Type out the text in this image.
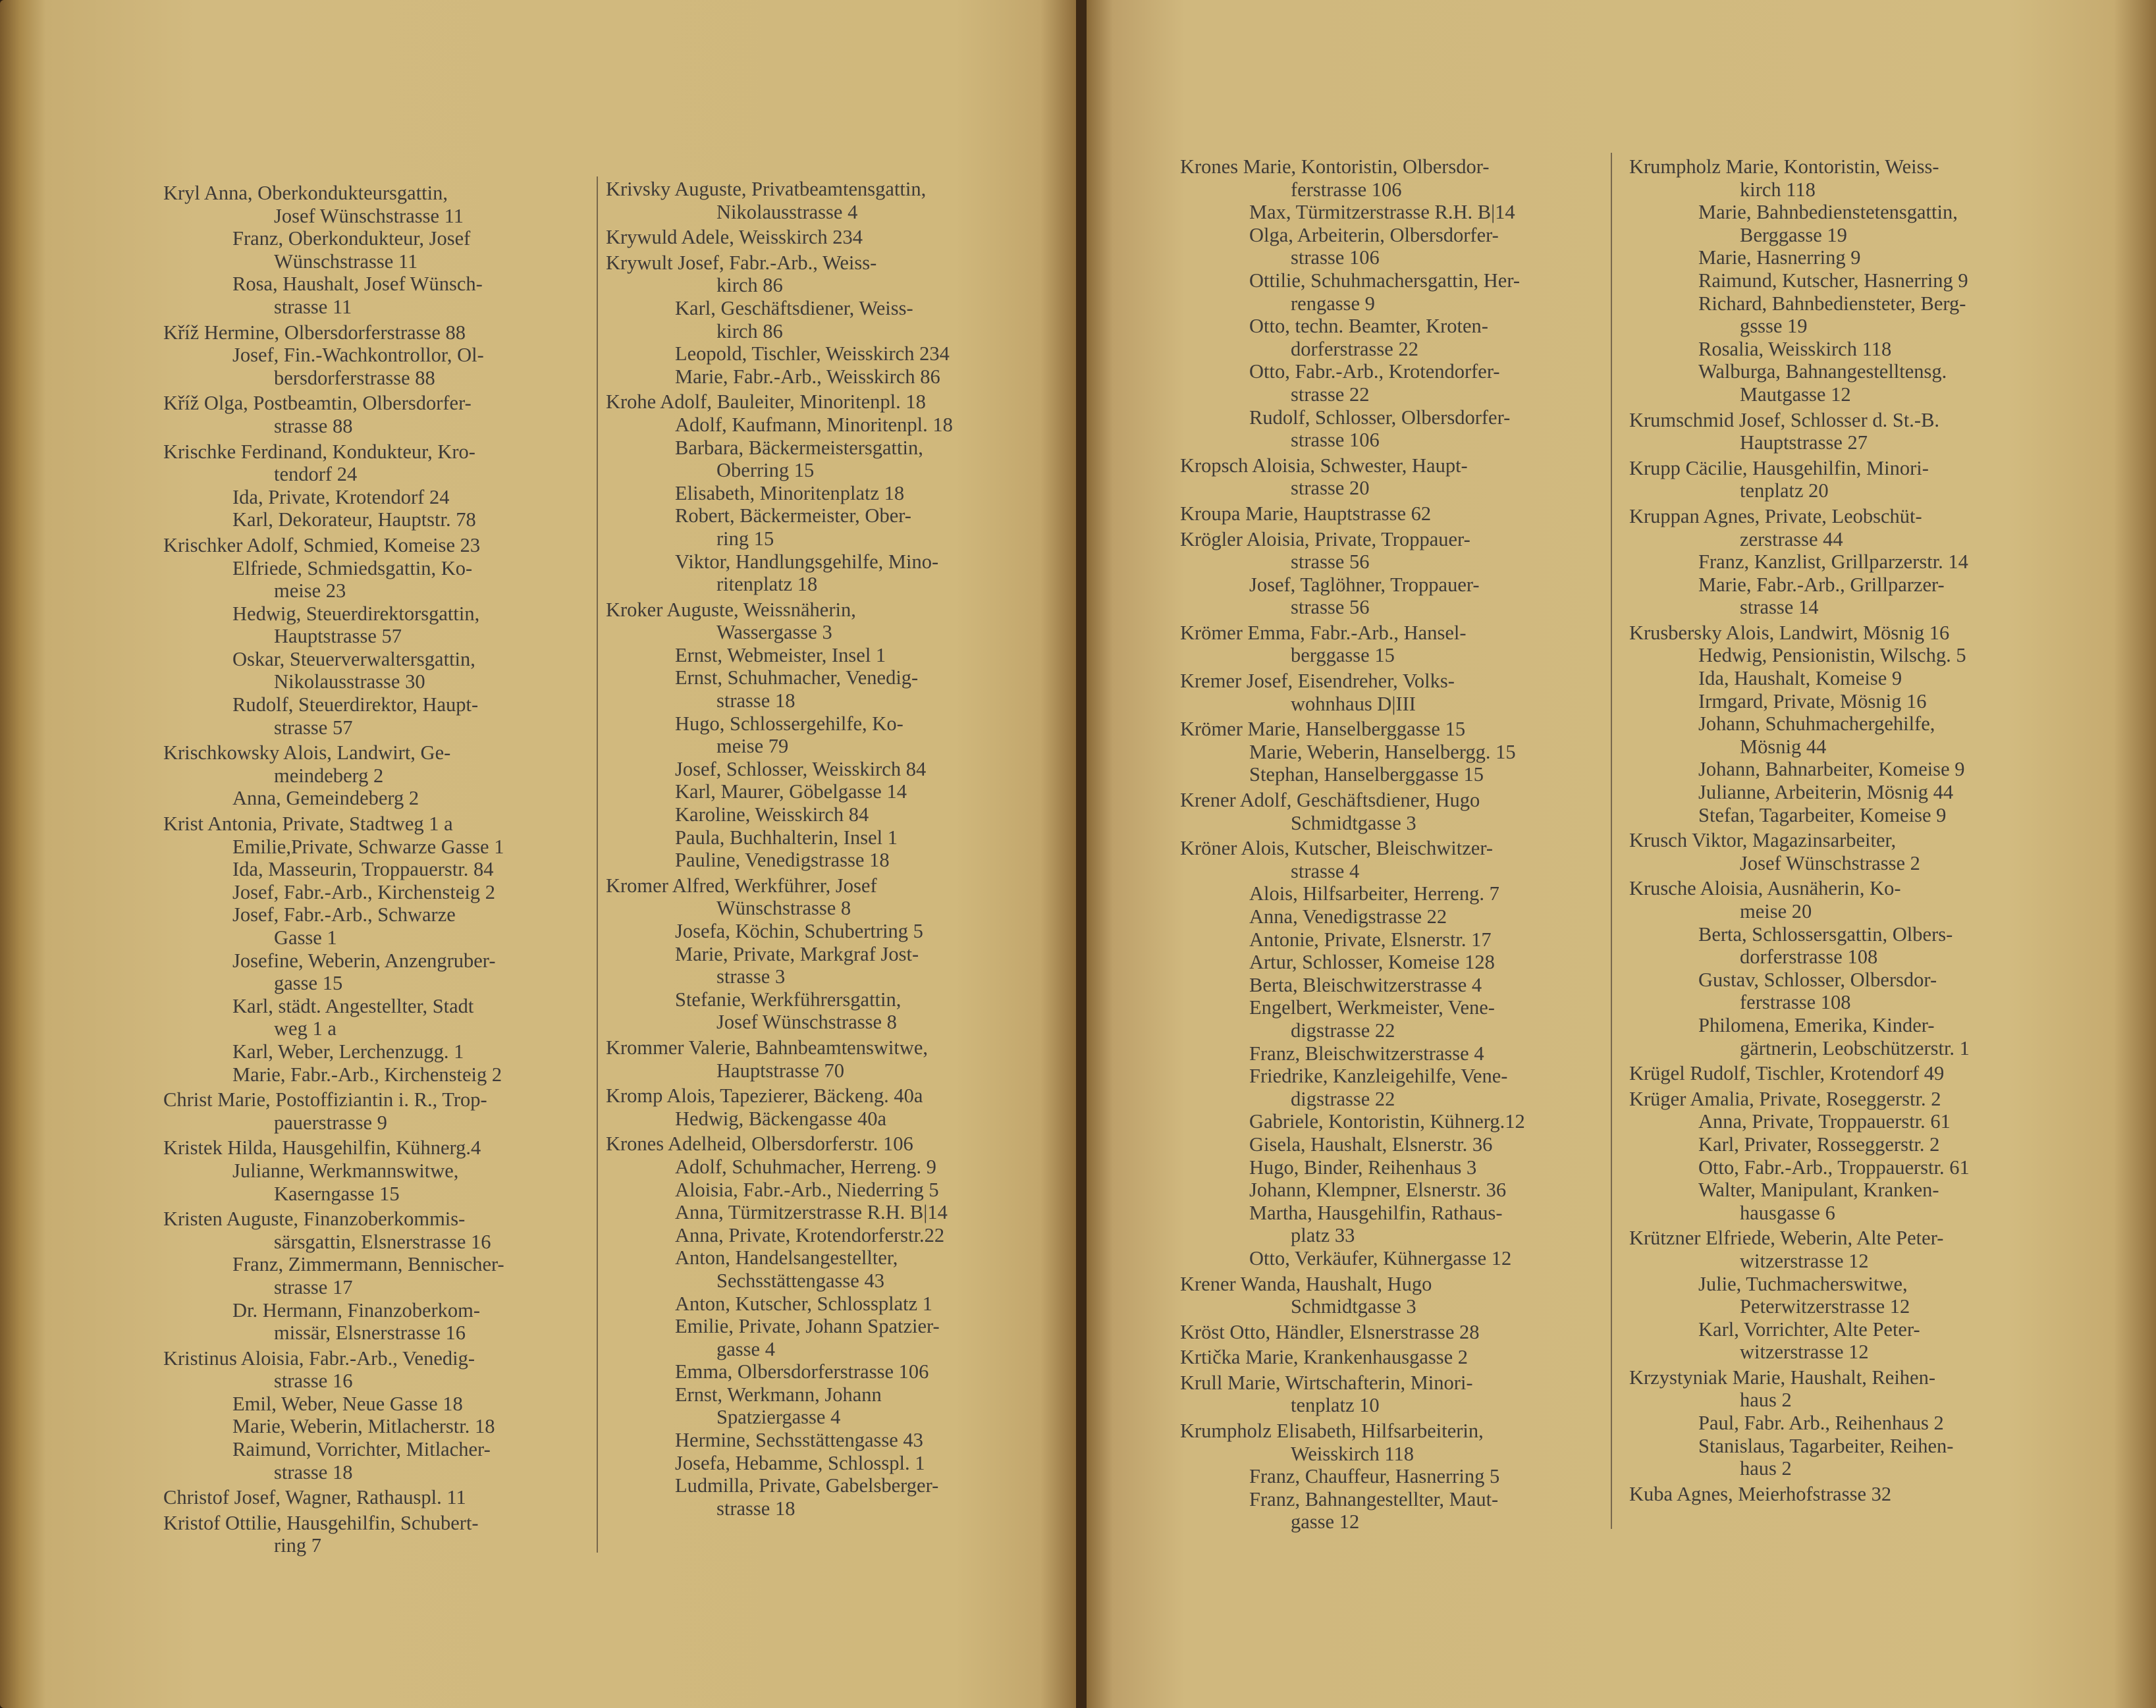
Kryl Anna, Oberkondukteursgattin,
Josef Wünschstrasse 11
Franz, Oberkondukteur, Josef
Wünschstrasse 11
Rosa, Haushalt, Josef Wünsch-
strasse 11
Kříž Hermine, Olbersdorferstrasse 88
Josef, Fin.-Wachkontrollor, Ol-
bersdorferstrasse 88
Kříž Olga, Postbeamtin, Olbersdorfer-
strasse 88
Krischke Ferdinand, Kondukteur, Kro-
tendorf 24
Ida, Private, Krotendorf 24
Karl, Dekorateur, Hauptstr. 78
Krischker Adolf, Schmied, Komeise 23
Elfriede, Schmiedsgattin, Ko-
meise 23
Hedwig, Steuerdirektorsgattin,
Hauptstrasse 57
Oskar, Steuerverwaltersgattin,
Nikolausstrasse 30
Rudolf, Steuerdirektor, Haupt-
strasse 57
Krischkowsky Alois, Landwirt, Ge-
meindeberg 2
Anna, Gemeindeberg 2
Krist Antonia, Private, Stadtweg 1 a
Emilie,Private, Schwarze Gasse 1
Ida, Masseurin, Troppauerstr. 84
Josef, Fabr.-Arb., Kirchensteig 2
Josef, Fabr.-Arb., Schwarze
Gasse 1
Josefine, Weberin, Anzengruber-
gasse 15
Karl, städt. Angestellter, Stadt
weg 1 a
Karl, Weber, Lerchenzugg. 1
Marie, Fabr.-Arb., Kirchensteig 2
Christ Marie, Postoffiziantin i. R., Trop-
pauerstrasse 9
Kristek Hilda, Hausgehilfin, Kühnerg.4
Julianne, Werkmannswitwe,
Kaserngasse 15
Kristen Auguste, Finanzoberkommis-
särsgattin, Elsnerstrasse 16
Franz, Zimmermann, Bennischer-
strasse 17
Dr. Hermann, Finanzoberkom-
missär, Elsnerstrasse 16
Kristinus Aloisia, Fabr.-Arb., Venedig-
strasse 16
Emil, Weber, Neue Gasse 18
Marie, Weberin, Mitlacherstr. 18
Raimund, Vorrichter, Mitlacher-
strasse 18
Christof Josef, Wagner, Rathauspl. 11
Kristof Ottilie, Hausgehilfin, Schubert-
ring 7
Krivsky Auguste, Privatbeamtensgattin,
Nikolausstrasse 4
Krywuld Adele, Weisskirch 234
Krywult Josef, Fabr.-Arb., Weiss-
kirch 86
Karl, Geschäftsdiener, Weiss-
kirch 86
Leopold, Tischler, Weisskirch 234
Marie, Fabr.-Arb., Weisskirch 86
Krohe Adolf, Bauleiter, Minoritenpl. 18
Adolf, Kaufmann, Minoritenpl. 18
Barbara, Bäckermeistersgattin,
Oberring 15
Elisabeth, Minoritenplatz 18
Robert, Bäckermeister, Ober-
ring 15
Viktor, Handlungsgehilfe, Mino-
ritenplatz 18
Kroker Auguste, Weissnäherin,
Wassergasse 3
Ernst, Webmeister, Insel 1
Ernst, Schuhmacher, Venedig-
strasse 18
Hugo, Schlossergehilfe, Ko-
meise 79
Josef, Schlosser, Weisskirch 84
Karl, Maurer, Göbelgasse 14
Karoline, Weisskirch 84
Paula, Buchhalterin, Insel 1
Pauline, Venedigstrasse 18
Kromer Alfred, Werkführer, Josef
Wünschstrasse 8
Josefa, Köchin, Schubertring 5
Marie, Private, Markgraf Jost-
strasse 3
Stefanie, Werkführersgattin,
Josef Wünschstrasse 8
Krommer Valerie, Bahnbeamtenswitwe,
Hauptstrasse 70
Kromp Alois, Tapezierer, Bäckeng. 40a
Hedwig, Bäckengasse 40a
Krones Adelheid, Olbersdorferstr. 106
Adolf, Schuhmacher, Herreng. 9
Aloisia, Fabr.-Arb., Niederring 5
Anna, Türmitzerstrasse R.H. B|14
Anna, Private, Krotendorferstr.22
Anton, Handelsangestellter,
Sechsstättengasse 43
Anton, Kutscher, Schlossplatz 1
Emilie, Private, Johann Spatzier-
gasse 4
Emma, Olbersdorferstrasse 106
Ernst, Werkmann, Johann
Spatziergasse 4
Hermine, Sechsstättengasse 43
Josefa, Hebamme, Schlosspl. 1
Ludmilla, Private, Gabelsberger-
strasse 18
Krones Marie, Kontoristin, Olbersdor-
ferstrasse 106
Max, Türmitzerstrasse R.H. B|14
Olga, Arbeiterin, Olbersdorfer-
strasse 106
Ottilie, Schuhmachersgattin, Her-
rengasse 9
Otto, techn. Beamter, Kroten-
dorferstrasse 22
Otto, Fabr.-Arb., Krotendorfer-
strasse 22
Rudolf, Schlosser, Olbersdorfer-
strasse 106
Kropsch Aloisia, Schwester, Haupt-
strasse 20
Kroupa Marie, Hauptstrasse 62
Krögler Aloisia, Private, Troppauer-
strasse 56
Josef, Taglöhner, Troppauer-
strasse 56
Krömer Emma, Fabr.-Arb., Hansel-
berggasse 15
Kremer Josef, Eisendreher, Volks-
wohnhaus D|III
Krömer Marie, Hanselberggasse 15
Marie, Weberin, Hanselbergg. 15
Stephan, Hanselberggasse 15
Krener Adolf, Geschäftsdiener, Hugo
Schmidtgasse 3
Kröner Alois, Kutscher, Bleischwitzer-
strasse 4
Alois, Hilfsarbeiter, Herreng. 7
Anna, Venedigstrasse 22
Antonie, Private, Elsnerstr. 17
Artur, Schlosser, Komeise 128
Berta, Bleischwitzerstrasse 4
Engelbert, Werkmeister, Vene-
digstrasse 22
Franz, Bleischwitzerstrasse 4
Friedrike, Kanzleigehilfe, Vene-
digstrasse 22
Gabriele, Kontoristin, Kühnerg.12
Gisela, Haushalt, Elsnerstr. 36
Hugo, Binder, Reihenhaus 3
Johann, Klempner, Elsnerstr. 36
Martha, Hausgehilfin, Rathaus-
platz 33
Otto, Verkäufer, Kühnergasse 12
Krener Wanda, Haushalt, Hugo
Schmidtgasse 3
Kröst Otto, Händler, Elsnerstrasse 28
Krtička Marie, Krankenhausgasse 2
Krull Marie, Wirtschafterin, Minori-
tenplatz 10
Krumpholz Elisabeth, Hilfsarbeiterin,
Weisskirch 118
Franz, Chauffeur, Hasnerring 5
Franz, Bahnangestellter, Maut-
gasse 12
Krumpholz Marie, Kontoristin, Weiss-
kirch 118
Marie, Bahnbedienstetensgattin,
Berggasse 19
Marie, Hasnerring 9
Raimund, Kutscher, Hasnerring 9
Richard, Bahnbediensteter, Berg-
gssse 19
Rosalia, Weisskirch 118
Walburga, Bahnangestelltensg.
Mautgasse 12
Krumschmid Josef, Schlosser d. St.-B.
Hauptstrasse 27
Krupp Cäcilie, Hausgehilfin, Minori-
tenplatz 20
Kruppan Agnes, Private, Leobschüt-
zerstrasse 44
Franz, Kanzlist, Grillparzerstr. 14
Marie, Fabr.-Arb., Grillparzer-
strasse 14
Krusbersky Alois, Landwirt, Mösnig 16
Hedwig, Pensionistin, Wilschg. 5
Ida, Haushalt, Komeise 9
Irmgard, Private, Mösnig 16
Johann, Schuhmachergehilfe,
Mösnig 44
Johann, Bahnarbeiter, Komeise 9
Julianne, Arbeiterin, Mösnig 44
Stefan, Tagarbeiter, Komeise 9
Krusch Viktor, Magazinsarbeiter,
Josef Wünschstrasse 2
Krusche Aloisia, Ausnäherin, Ko-
meise 20
Berta, Schlossersgattin, Olbers-
dorferstrasse 108
Gustav, Schlosser, Olbersdor-
ferstrasse 108
Philomena, Emerika, Kinder-
gärtnerin, Leobschützerstr. 1
Krügel Rudolf, Tischler, Krotendorf 49
Krüger Amalia, Private, Roseggerstr. 2
Anna, Private, Troppauerstr. 61
Karl, Privater, Rosseggerstr. 2
Otto, Fabr.-Arb., Troppauerstr. 61
Walter, Manipulant, Kranken-
hausgasse 6
Krützner Elfriede, Weberin, Alte Peter-
witzerstrasse 12
Julie, Tuchmacherswitwe,
Peterwitzerstrasse 12
Karl, Vorrichter, Alte Peter-
witzerstrasse 12
Krzystyniak Marie, Haushalt, Reihen-
haus 2
Paul, Fabr. Arb., Reihenhaus 2
Stanislaus, Tagarbeiter, Reihen-
haus 2
Kuba Agnes, Meierhofstrasse 32
